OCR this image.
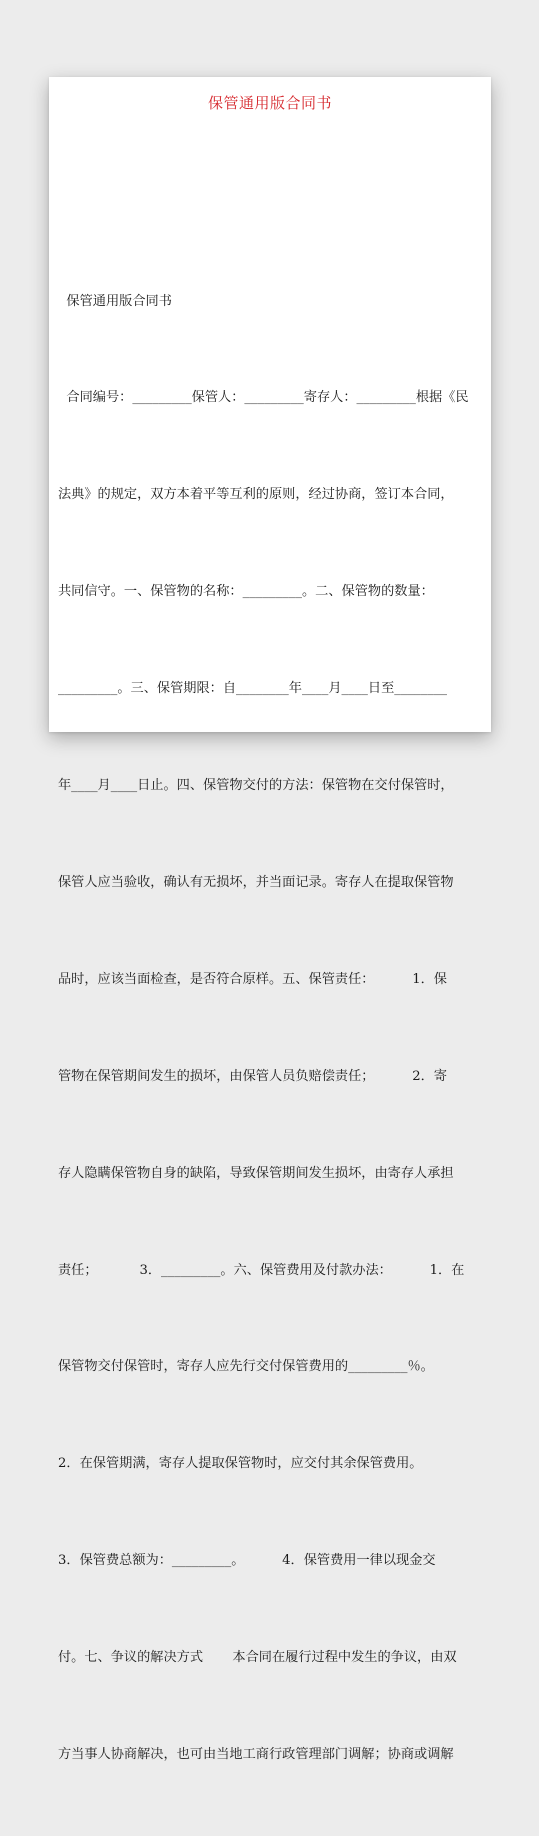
保管通用版合同书

保管通用版合同书

合同编号：_________保管人：_________寄存人：_________根据《民

法典》的规定，双方本着平等互利的原则，经过协商，签订本合同，

共同信守。一、保管物的名称：_________。二、保管物的数量：

_________。三、保管期限：自________年____月____日至________

年____月____日止。四、保管物交付的方法：保管物在交付保管时，

保管人应当验收，确认有无损坏，并当面记录。寄存人在提取保管物

品时，应该当面检查，是否符合原样。五、保管责任：         1．保

管物在保管期间发生的损坏，由保管人员负赔偿责任；         2．寄

存人隐瞒保管物自身的缺陷，导致保管期间发生损坏，由寄存人承担

责任；          3．_________。六、保管费用及付款办法：         1．在

保管物交付保管时，寄存人应先行交付保管费用的_________％。

2．在保管期满，寄存人提取保管物时，应交付其余保管费用。

3．保管费总额为：_________。         4．保管费用一律以现金交

付。七、争议的解决方式       本合同在履行过程中发生的争议，由双

方当事人协商解决，也可由当地工商行政管理部门调解；协商或调解
